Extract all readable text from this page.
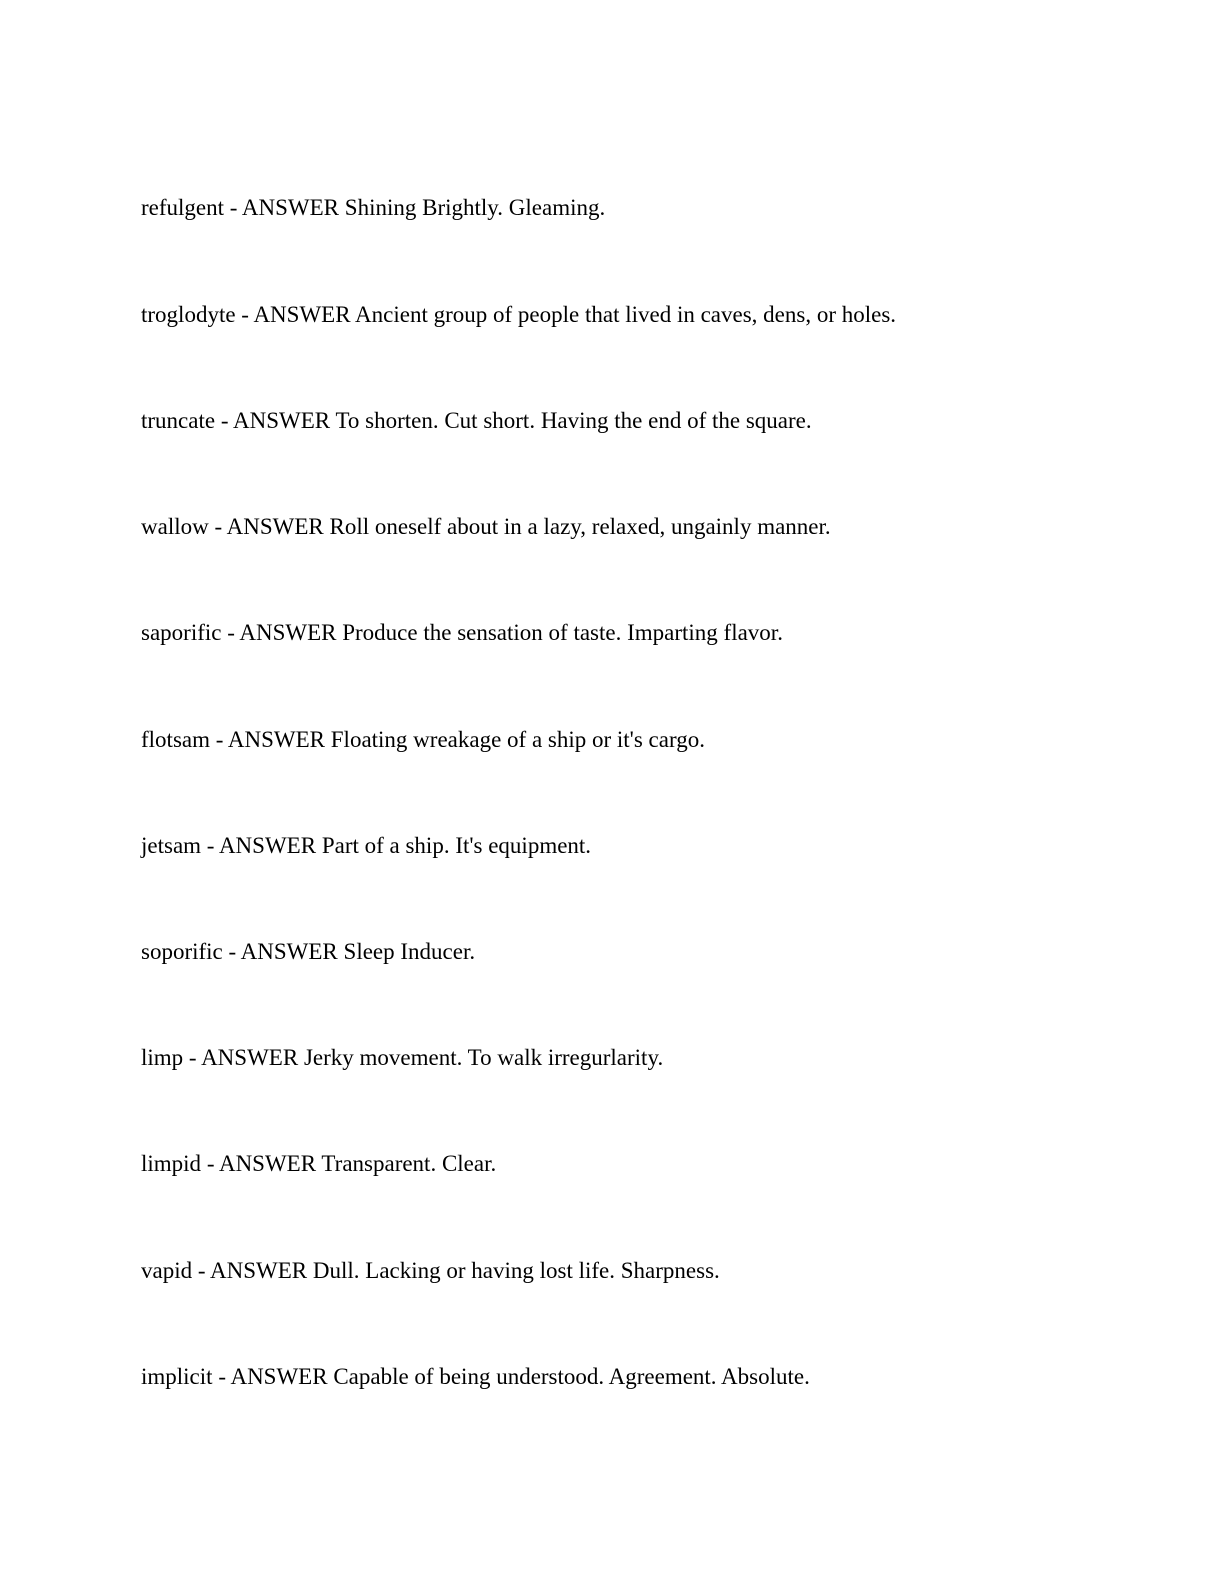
refulgent - ANSWER Shining Brightly. Gleaming.

troglodyte - ANSWER Ancient group of people that lived in caves, dens, or holes.

truncate - ANSWER To shorten. Cut short. Having the end of the square.

wallow - ANSWER Roll oneself about in a lazy, relaxed, ungainly manner.

saporific - ANSWER Produce the sensation of taste. Imparting flavor.

flotsam - ANSWER Floating wreakage of a ship or it's cargo.

jetsam - ANSWER Part of a ship. It's equipment.

soporific - ANSWER Sleep Inducer.

limp - ANSWER Jerky movement. To walk irregurlarity.

limpid - ANSWER Transparent. Clear.

vapid - ANSWER Dull. Lacking or having lost life. Sharpness.

implicit - ANSWER Capable of being understood. Agreement. Absolute.
